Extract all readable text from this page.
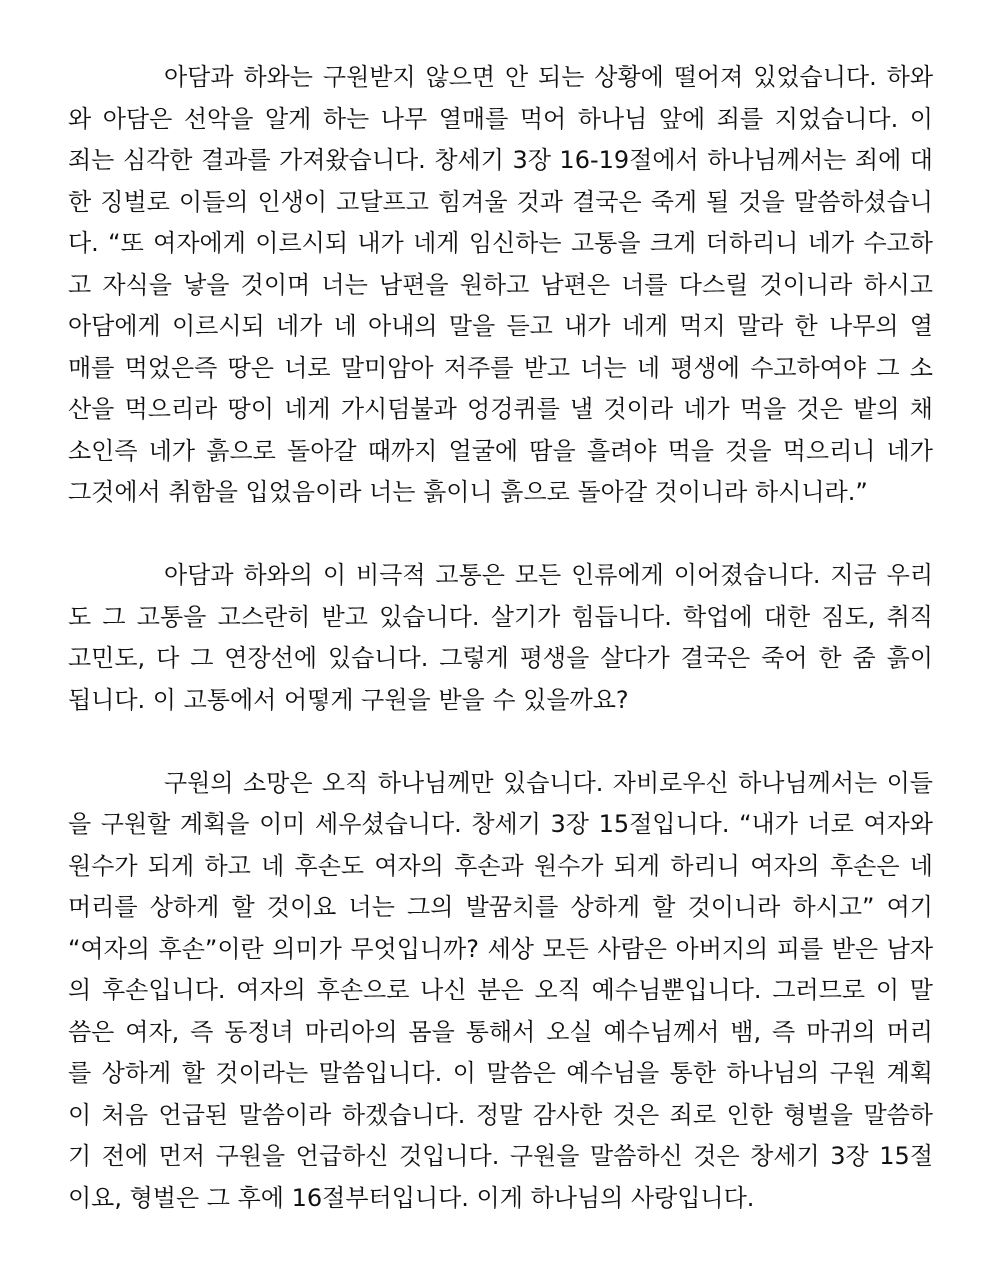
아담과 하와는 구원받지 않으면 안 되는 상황에 떨어져 있었습니다. 하와
와 아담은 선악을 알게 하는 나무 열매를 먹어 하나님 앞에 죄를 지었습니다. 이
죄는 심각한 결과를 가져왔습니다. 창세기 3장 16-19절에서 하나님께서는 죄에 대
한 징벌로 이들의 인생이 고달프고 힘겨울 것과 결국은 죽게 될 것을 말씀하셨습니
다. “또 여자에게 이르시되 내가 네게 임신하는 고통을 크게 더하리니 네가 수고하
고 자식을 낳을 것이며 너는 남편을 원하고 남편은 너를 다스릴 것이니라 하시고
아담에게 이르시되 네가 네 아내의 말을 듣고 내가 네게 먹지 말라 한 나무의 열
매를 먹었은즉 땅은 너로 말미암아 저주를 받고 너는 네 평생에 수고하여야 그 소
산을 먹으리라 땅이 네게 가시덤불과 엉겅퀴를 낼 것이라 네가 먹을 것은 밭의 채
소인즉 네가 흙으로 돌아갈 때까지 얼굴에 땀을 흘려야 먹을 것을 먹으리니 네가
그것에서 취함을 입었음이라 너는 흙이니 흙으로 돌아갈 것이니라 하시니라.”
아담과 하와의 이 비극적 고통은 모든 인류에게 이어졌습니다. 지금 우리
도 그 고통을 고스란히 받고 있습니다. 살기가 힘듭니다. 학업에 대한 짐도, 취직
고민도, 다 그 연장선에 있습니다. 그렇게 평생을 살다가 결국은 죽어 한 줌 흙이
됩니다. 이 고통에서 어떻게 구원을 받을 수 있을까요?
구원의 소망은 오직 하나님께만 있습니다. 자비로우신 하나님께서는 이들
을 구원할 계획을 이미 세우셨습니다. 창세기 3장 15절입니다. “내가 너로 여자와
원수가 되게 하고 네 후손도 여자의 후손과 원수가 되게 하리니 여자의 후손은 네
머리를 상하게 할 것이요 너는 그의 발꿈치를 상하게 할 것이니라 하시고” 여기
“여자의 후손”이란 의미가 무엇입니까? 세상 모든 사람은 아버지의 피를 받은 남자
의 후손입니다. 여자의 후손으로 나신 분은 오직 예수님뿐입니다. 그러므로 이 말
씀은 여자, 즉 동정녀 마리아의 몸을 통해서 오실 예수님께서 뱀, 즉 마귀의 머리
를 상하게 할 것이라는 말씀입니다. 이 말씀은 예수님을 통한 하나님의 구원 계획
이 처음 언급된 말씀이라 하겠습니다. 정말 감사한 것은 죄로 인한 형벌을 말씀하
기 전에 먼저 구원을 언급하신 것입니다. 구원을 말씀하신 것은 창세기 3장 15절
이요, 형벌은 그 후에 16절부터입니다. 이게 하나님의 사랑입니다.
